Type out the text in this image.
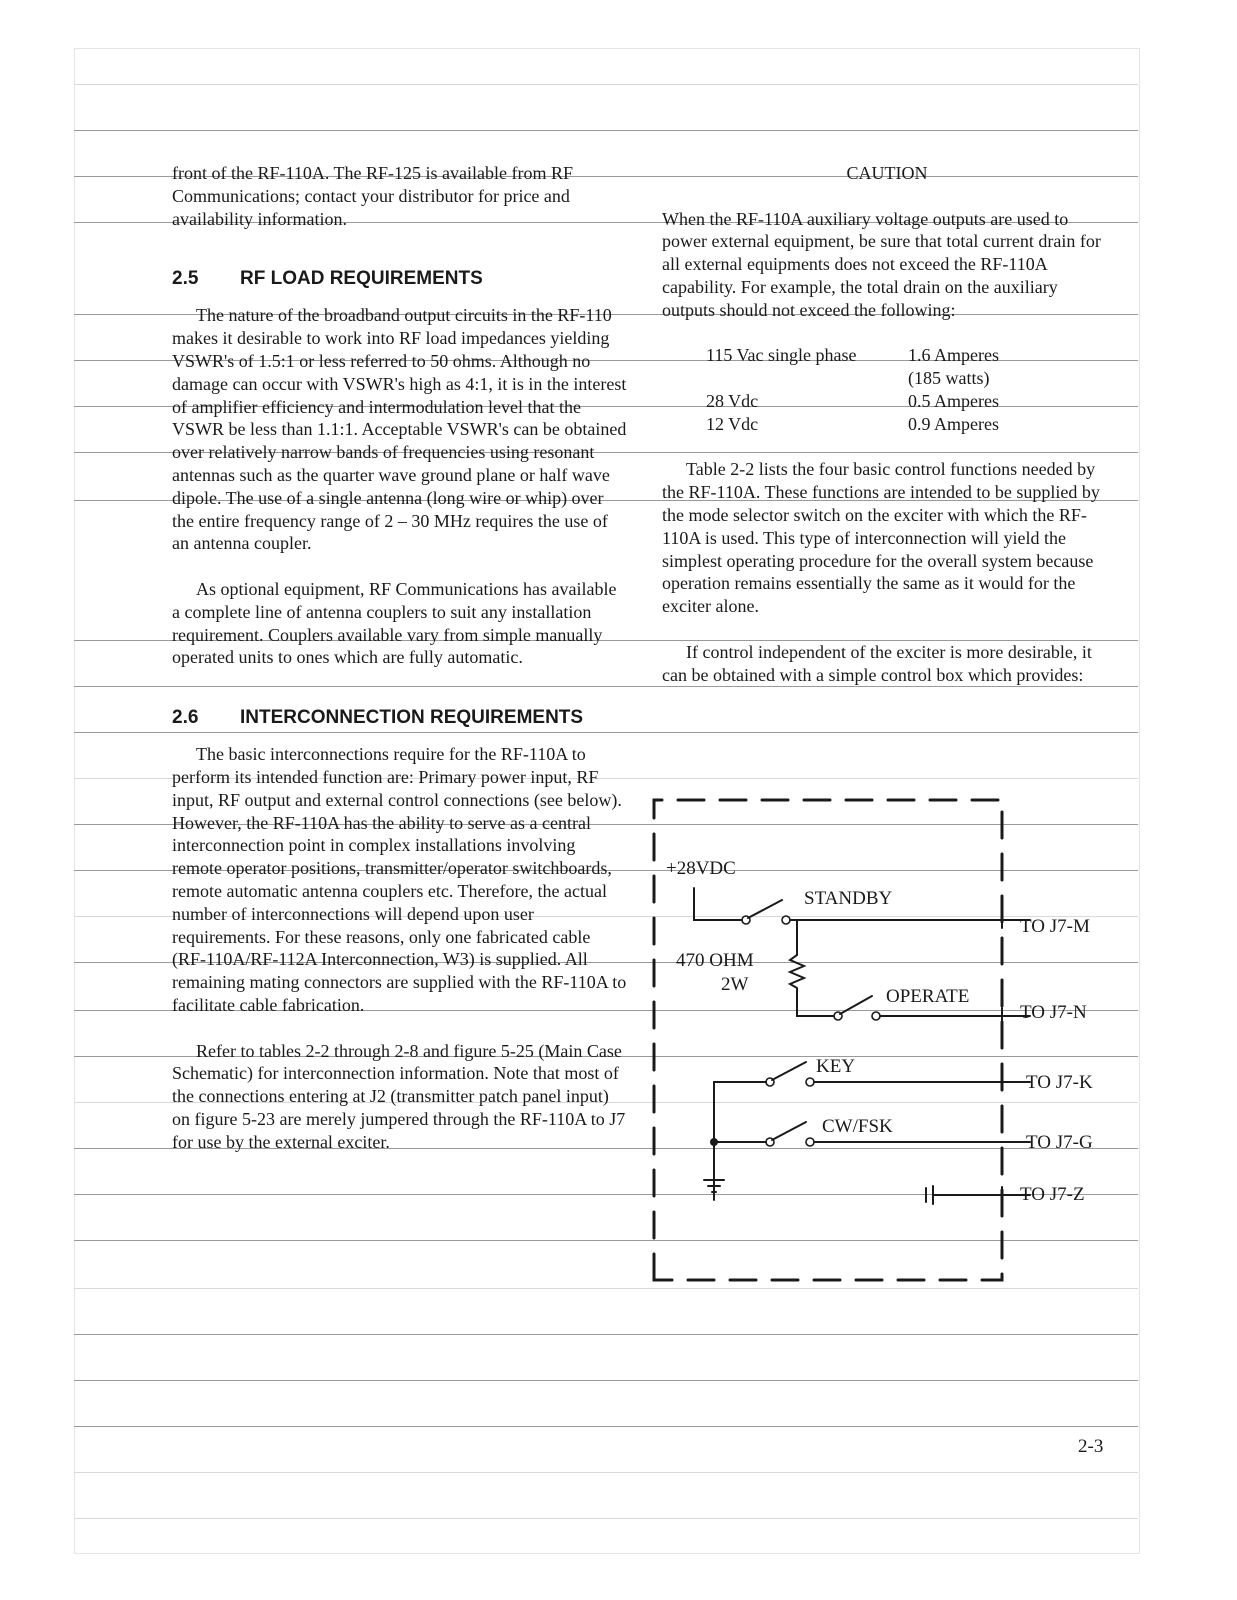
front of the RF-110A. The RF-125 is available from RF Communications; contact your distributor for price and availability information.

2.5 RF LOAD REQUIREMENTS

The nature of the broadband output circuits in the RF-110 makes it desirable to work into RF load impedances yielding VSWR's of 1.5:1 or less referred to 50 ohms. Although no damage can occur with VSWR's high as 4:1, it is in the interest of amplifier efficiency and intermodulation level that the VSWR be less than 1.1:1. Acceptable VSWR's can be obtained over relatively narrow bands of frequencies using resonant antennas such as the quarter wave ground plane or half wave dipole. The use of a single antenna (long wire or whip) over the entire frequency range of 2 – 30 MHz requires the use of an antenna coupler.

As optional equipment, RF Communications has available a complete line of antenna couplers to suit any installation requirement. Couplers available vary from simple manually operated units to ones which are fully automatic.

2.6 INTERCONNECTION REQUIREMENTS

The basic interconnections require for the RF-110A to perform its intended function are: Primary power input, RF input, RF output and external control connections (see below). However, the RF-110A has the ability to serve as a central interconnection point in complex installations involving remote operator positions, transmitter/operator switchboards, remote automatic antenna couplers etc. Therefore, the actual number of interconnections will depend upon user requirements. For these reasons, only one fabricated cable (RF-110A/RF-112A Interconnection, W3) is supplied. All remaining mating connectors are supplied with the RF-110A to facilitate cable fabrication.

Refer to tables 2-2 through 2-8 and figure 5-25 (Main Case Schematic) for interconnection information. Note that most of the connections entering at J2 (transmitter patch panel input) on figure 5-23 are merely jumpered through the RF-110A to J7 for use by the external exciter.

CAUTION

When the RF-110A auxiliary voltage outputs are used to power external equipment, be sure that total current drain for all external equipments does not exceed the RF-110A capability. For example, the total drain on the auxiliary outputs should not exceed the following:

115 Vac single phase	1.6 Amperes
	(185 watts)
28 Vdc	0.5 Amperes
12 Vdc	0.9 Amperes

Table 2-2 lists the four basic control functions needed by the RF-110A. These functions are intended to be supplied by the mode selector switch on the exciter with which the RF-110A is used. This type of interconnection will yield the simplest operating procedure for the overall system because operation remains essentially the same as it would for the exciter alone.

If control independent of the exciter is more desirable, it can be obtained with a simple control box which provides:

+28VDC
STANDBY
470 OHM
2W
OPERATE
KEY
CW/FSK
TO J7-M
TO J7-N
TO J7-K
TO J7-G
TO J7-Z
2-3
